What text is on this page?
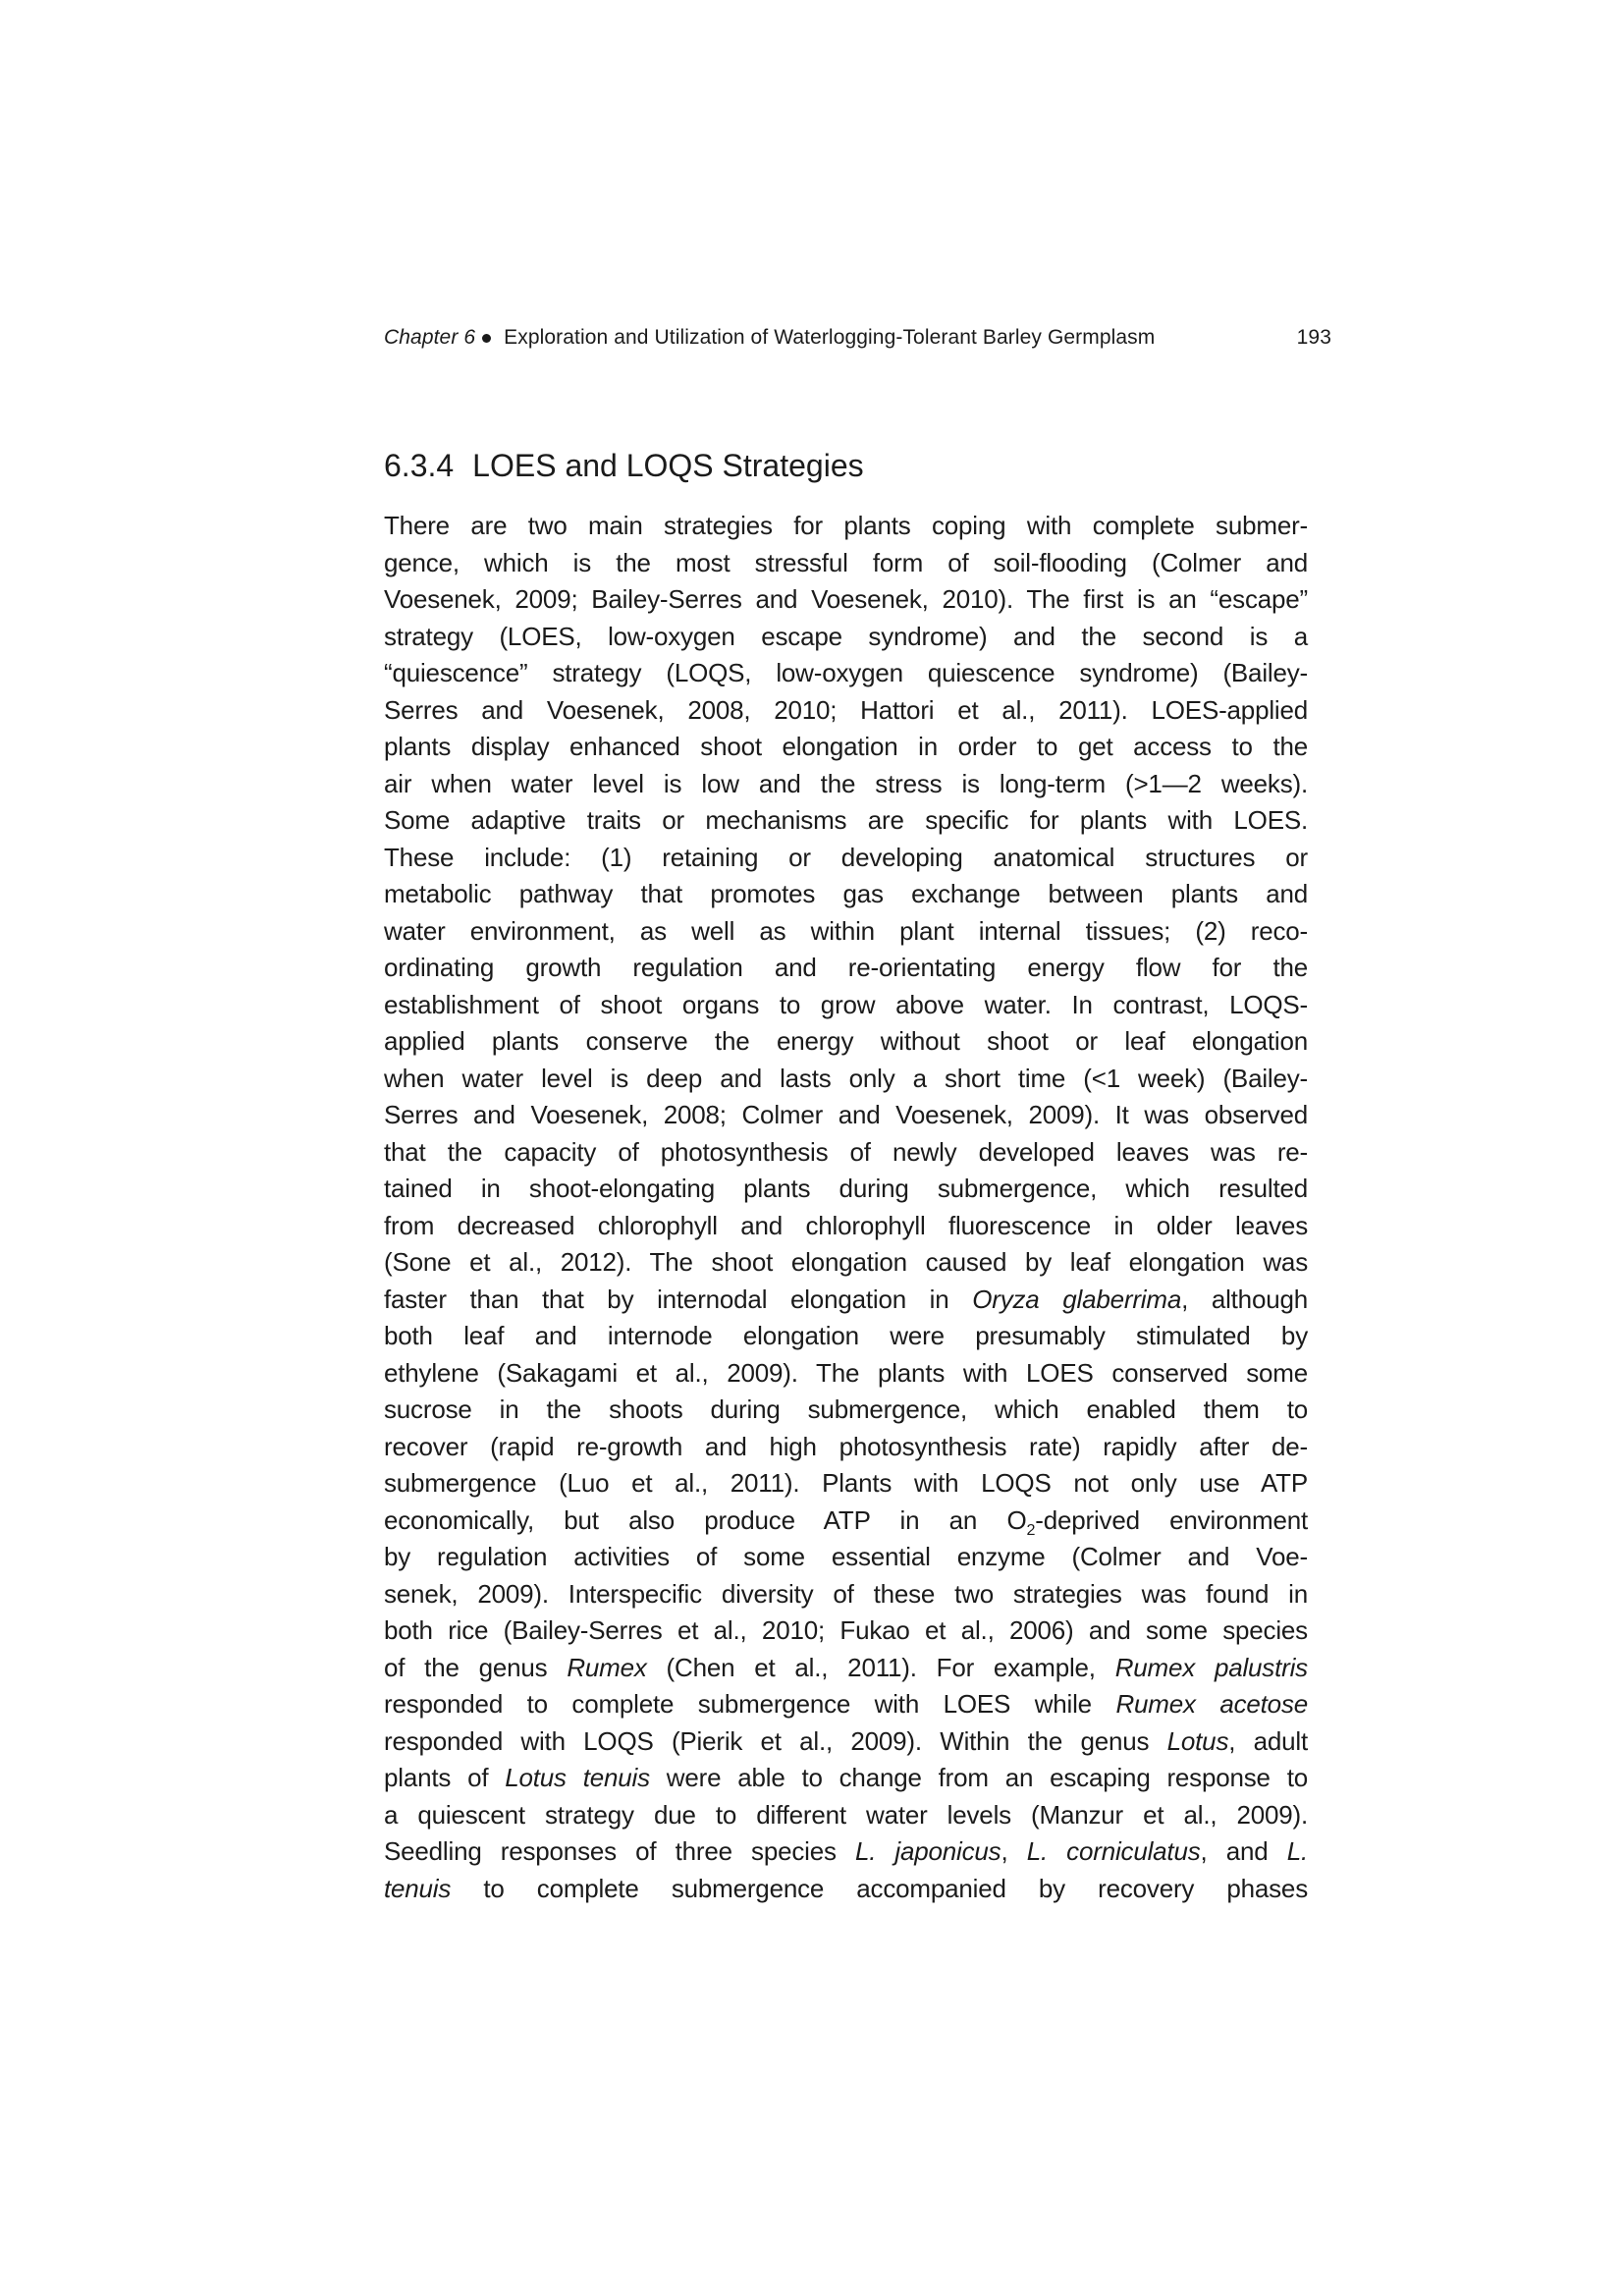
Chapter 6 Exploration and Utilization of Waterlogging-Tolerant Barley Germplasm	193
6.3.4 LOES and LOQS Strategies
There are two main strategies for plants coping with complete submer-
gence, which is the most stressful form of soil-flooding (Colmer and
Voesenek, 2009; Bailey-Serres and Voesenek, 2010). The first is an “escape”
strategy (LOES, low-oxygen escape syndrome) and the second is a
“quiescence” strategy (LOQS, low-oxygen quiescence syndrome) (Bailey-
Serres and Voesenek, 2008, 2010; Hattori et al., 2011). LOES-applied
plants display enhanced shoot elongation in order to get access to the
air when water level is low and the stress is long-term (>1—2 weeks).
Some adaptive traits or mechanisms are specific for plants with LOES.
These include: (1) retaining or developing anatomical structures or
metabolic pathway that promotes gas exchange between plants and
water environment, as well as within plant internal tissues; (2) reco-
ordinating growth regulation and re-orientating energy flow for the
establishment of shoot organs to grow above water. In contrast, LOQS-
applied plants conserve the energy without shoot or leaf elongation
when water level is deep and lasts only a short time (<1 week) (Bailey-
Serres and Voesenek, 2008; Colmer and Voesenek, 2009). It was observed
that the capacity of photosynthesis of newly developed leaves was re-
tained in shoot-elongating plants during submergence, which resulted
from decreased chlorophyll and chlorophyll fluorescence in older leaves
(Sone et al., 2012). The shoot elongation caused by leaf elongation was
faster than that by internodal elongation in Oryza glaberrima, although
both leaf and internode elongation were presumably stimulated by
ethylene (Sakagami et al., 2009). The plants with LOES conserved some
sucrose in the shoots during submergence, which enabled them to
recover (rapid re-growth and high photosynthesis rate) rapidly after de-
submergence (Luo et al., 2011). Plants with LOQS not only use ATP
economically, but also produce ATP in an $O_2$-deprived environment
by regulation activities of some essential enzyme (Colmer and Voe-
senek, 2009). Interspecific diversity of these two strategies was found in
both rice (Bailey-Serres et al., 2010; Fukao et al., 2006) and some species
of the genus Rumex (Chen et al., 2011). For example, Rumex palustris
responded to complete submergence with LOES while Rumex acetose
responded with LOQS (Pierik et al., 2009). Within the genus Lotus, adult
plants of Lotus tenuis were able to change from an escaping response to
a quiescent strategy due to different water levels (Manzur et al., 2009).
Seedling responses of three species L. japonicus, L. corniculatus, and L.
tenuis to complete submergence accompanied by recovery phases
